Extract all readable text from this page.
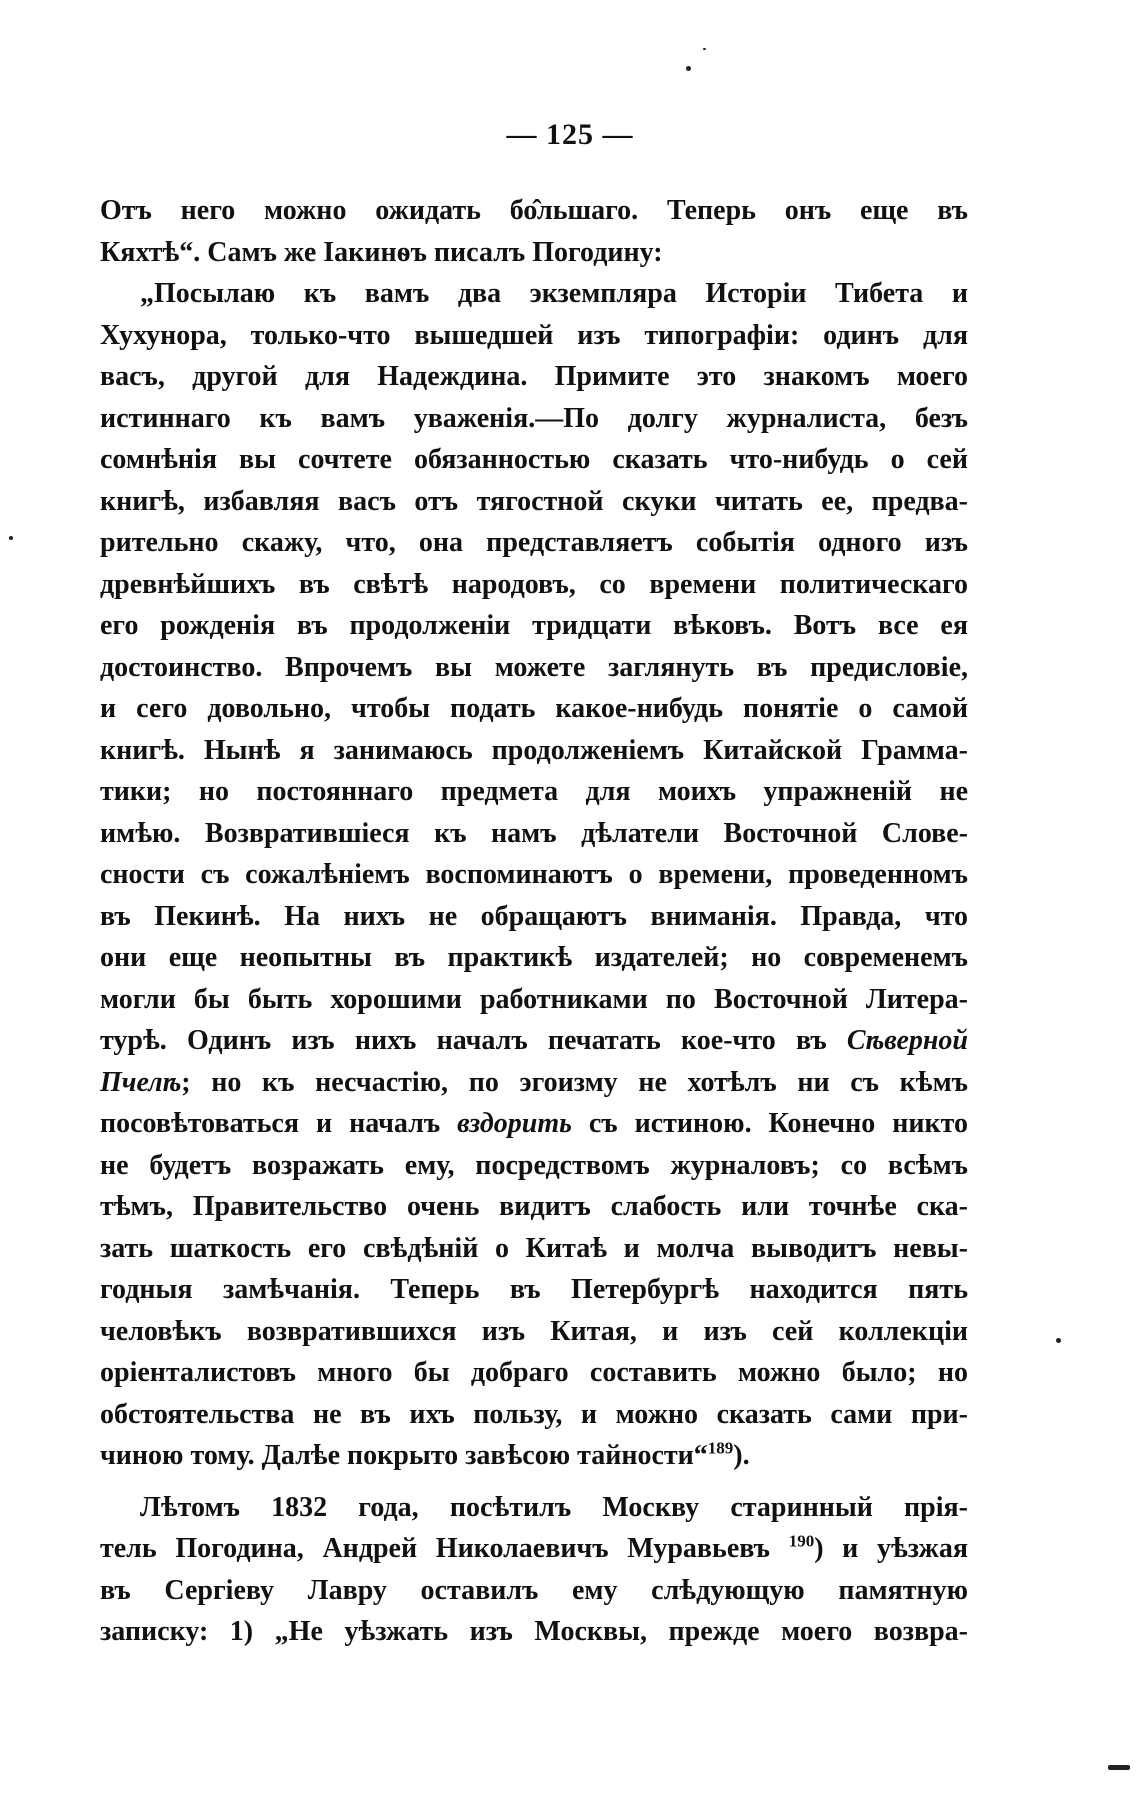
— 125 —
Отъ него можно ожидать бо̂льшаго. Теперь онъ еще въ
Кяхтѣ“. Самъ же Іакинѳъ писалъ Погодину:
„Посылаю къ вамъ два экземпляра Исторіи Тибета и
Хухунора, только-что вышедшей изъ типографіи: одинъ для
васъ, другой для Надеждина. Примите это знакомъ моего
истиннаго къ вамъ уваженія.—По долгу журналиста, безъ
сомнѣнія вы сочтете обязанностью сказать что-нибудь о сей
книгѣ, избавляя васъ отъ тягостной скуки читать ее, предва-
рительно скажу, что, она представляетъ событія одного изъ
древнѣйшихъ въ свѣтѣ народовъ, со времени политическаго
его рожденія въ продолженіи тридцати вѣковъ. Вотъ все ея
достоинство. Впрочемъ вы можете заглянуть въ предисловіе,
и сего довольно, чтобы подать какое-нибудь понятіе о самой
книгѣ. Нынѣ я занимаюсь продолженіемъ Китайской Грамма-
тики; но постояннаго предмета для моихъ упражненій не
имѣю. Возвратившіеся къ намъ дѣлатели Восточной Слове-
сности съ сожалѣніемъ воспоминаютъ о времени, проведенномъ
въ Пекинѣ. На нихъ не обращаютъ вниманія. Правда, что
они еще неопытны въ практикѣ издателей; но современемъ
могли бы быть хорошими работниками по Восточной Литера-
турѣ. Одинъ изъ нихъ началъ печатать кое-что въ Сѣверной
Пчелѣ; но къ несчастію, по эгоизму не хотѣлъ ни съ кѣмъ
посовѣтоваться и началъ вздорить съ истиною. Конечно никто
не будетъ возражать ему, посредствомъ журналовъ; со всѣмъ
тѣмъ, Правительство очень видитъ слабость или точнѣе ска-
зать шаткость его свѣдѣній о Китаѣ и молча выводитъ невы-
годныя замѣчанія. Теперь въ Петербургѣ находится пять
человѣкъ возвратившихся изъ Китая, и изъ сей коллекціи
оріенталистовъ много бы добраго составить можно было; но
обстоятельства не въ ихъ пользу, и можно сказать сами при-
чиною тому. Далѣе покрыто завѣсою тайности“$^{189}$).
Лѣтомъ 1832 года, посѣтилъ Москву старинный прія-
тель Погодина, Андрей Николаевичъ Муравьевъ $^{190}$) и уѣзжая
въ Сергіеву Лавру оставилъ ему слѣдующую памятную
записку: 1) „Не уѣзжать изъ Москвы, прежде моего возвра-
